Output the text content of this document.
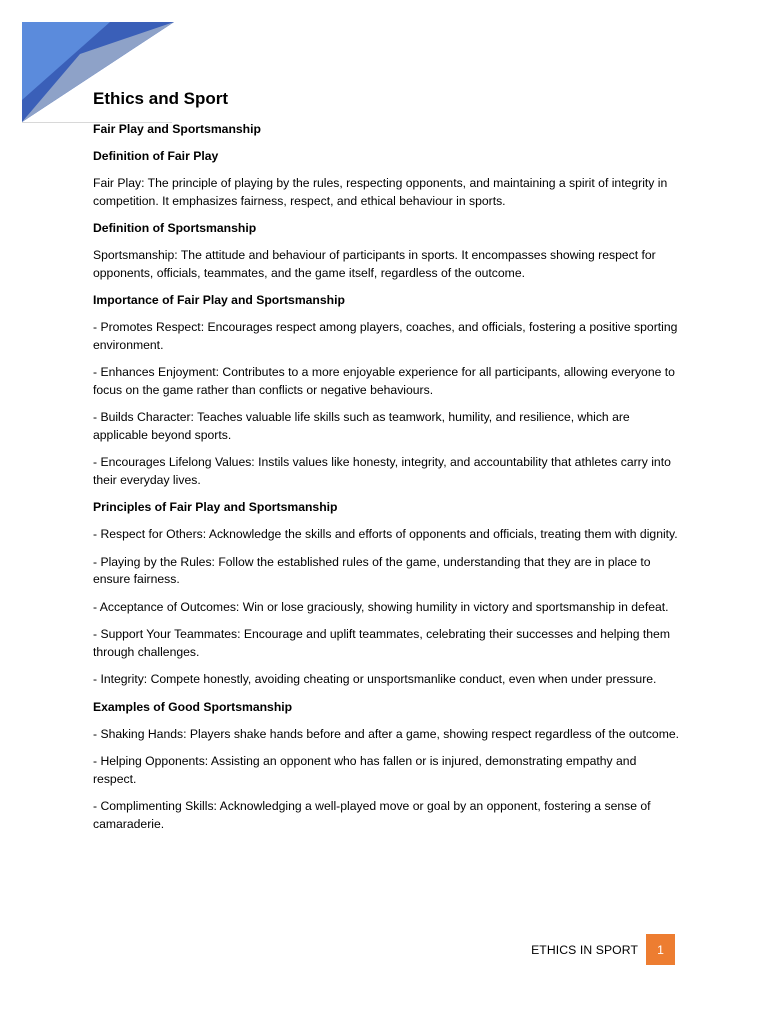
Ethics and Sport
Fair Play and Sportsmanship
Definition of Fair Play
Fair Play: The principle of playing by the rules, respecting opponents, and maintaining a spirit of integrity in competition. It emphasizes fairness, respect, and ethical behaviour in sports.
Definition of Sportsmanship
Sportsmanship: The attitude and behaviour of participants in sports. It encompasses showing respect for opponents, officials, teammates, and the game itself, regardless of the outcome.
Importance of Fair Play and Sportsmanship
- Promotes Respect: Encourages respect among players, coaches, and officials, fostering a positive sporting environment.
- Enhances Enjoyment: Contributes to a more enjoyable experience for all participants, allowing everyone to focus on the game rather than conflicts or negative behaviours.
- Builds Character: Teaches valuable life skills such as teamwork, humility, and resilience, which are applicable beyond sports.
- Encourages Lifelong Values: Instils values like honesty, integrity, and accountability that athletes carry into their everyday lives.
Principles of Fair Play and Sportsmanship
- Respect for Others: Acknowledge the skills and efforts of opponents and officials, treating them with dignity.
- Playing by the Rules: Follow the established rules of the game, understanding that they are in place to ensure fairness.
- Acceptance of Outcomes: Win or lose graciously, showing humility in victory and sportsmanship in defeat.
- Support Your Teammates: Encourage and uplift teammates, celebrating their successes and helping them through challenges.
- Integrity: Compete honestly, avoiding cheating or unsportsmanlike conduct, even when under pressure.
Examples of Good Sportsmanship
- Shaking Hands: Players shake hands before and after a game, showing respect regardless of the outcome.
- Helping Opponents: Assisting an opponent who has fallen or is injured, demonstrating empathy and respect.
- Complimenting Skills: Acknowledging a well-played move or goal by an opponent, fostering a sense of camaraderie.
ETHICS IN SPORT 1
